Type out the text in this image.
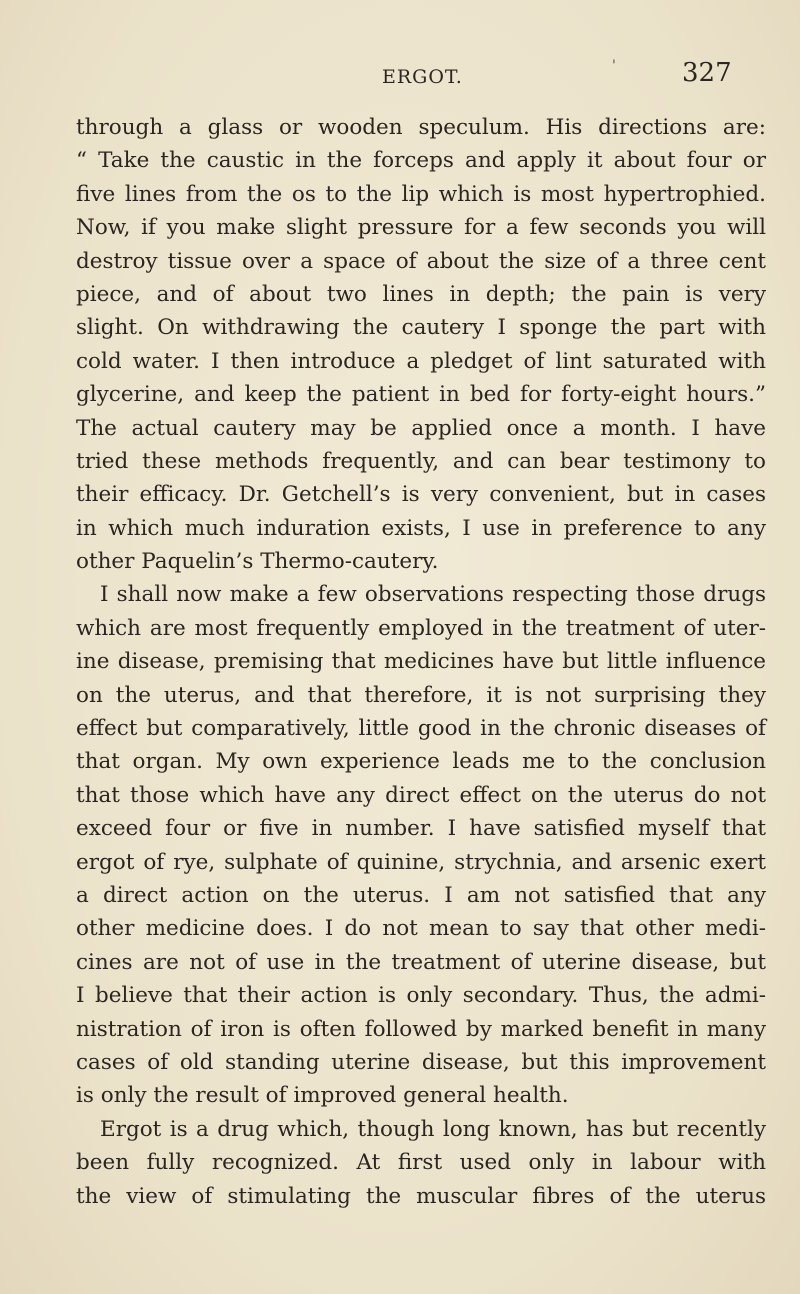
ERGOT.	'	327
through a glass or wooden speculum. His directions are:
“ Take the caustic in the forceps and apply it about four or
five lines from the os to the lip which is most hypertrophied.
Now, if you make slight pressure for a few seconds you will
destroy tissue over a space of about the size of a three cent
piece, and of about two lines in depth; the pain is very
slight. On withdrawing the cautery I sponge the part with
cold water. I then introduce a pledget of lint saturated with
glycerine, and keep the patient in bed for forty-eight hours.”
The actual cautery may be applied once a month. I have
tried these methods frequently, and can bear testimony to
their efficacy. Dr. Getchell’s is very convenient, but in cases
in which much induration exists, I use in preference to any
other Paquelin’s Thermo-cautery.
I shall now make a few observations respecting those drugs
which are most frequently employed in the treatment of uter-
ine disease, premising that medicines have but little influence
on the uterus, and that therefore, it is not surprising they
effect but comparatively, little good in the chronic diseases of
that organ. My own experience leads me to the conclusion
that those which have any direct effect on the uterus do not
exceed four or five in number. I have satisfied myself that
ergot of rye, sulphate of quinine, strychnia, and arsenic exert
a direct action on the uterus. I am not satisfied that any
other medicine does. I do not mean to say that other medi-
cines are not of use in the treatment of uterine disease, but
I believe that their action is only secondary. Thus, the admi-
nistration of iron is often followed by marked benefit in many
cases of old standing uterine disease, but this improvement
is only the result of improved general health.
Ergot is a drug which, though long known, has but recently
been fully recognized. At first used only in labour with
the view of stimulating the muscular fibres of the uterus
